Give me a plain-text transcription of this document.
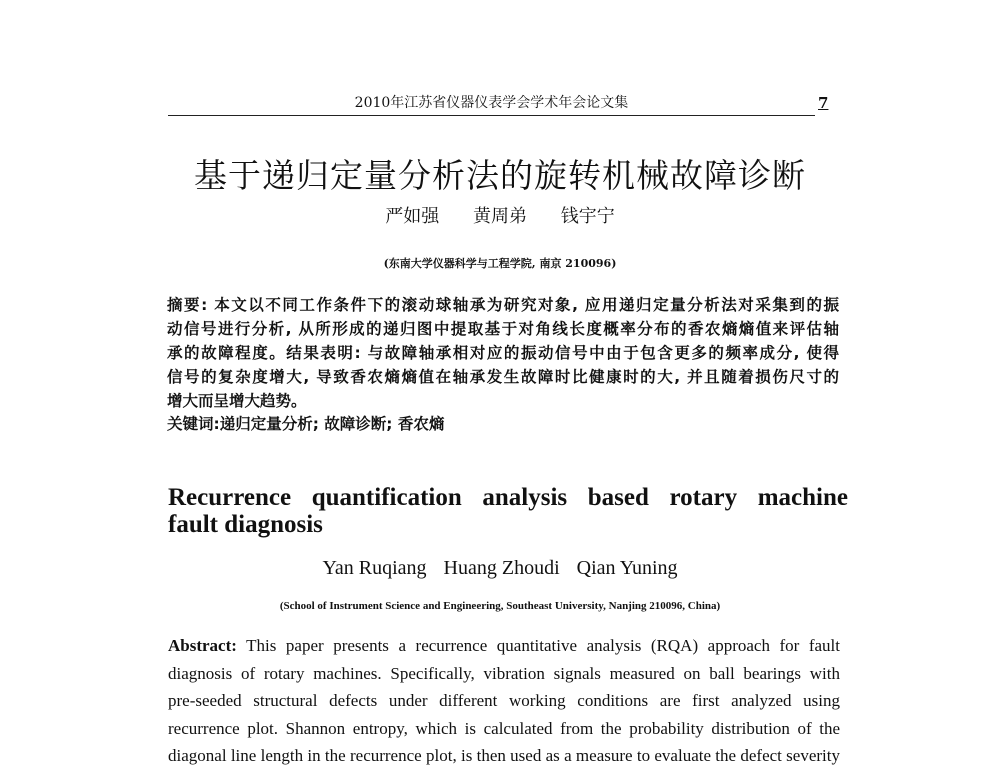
2010年江苏省仪器仪表学会学术年会论文集	7
基于递归定量分析法的旋转机械故障诊断
严如强 黄周弟 钱宇宁
(东南大学仪器科学与工程学院, 南京 210096)
摘要: 本文以不同工作条件下的滚动球轴承为研究对象, 应用递归定量分析法对采集到的振
动信号进行分析, 从所形成的递归图中提取基于对角线长度概率分布的香农熵熵值来评估轴
承的故障程度。结果表明: 与故障轴承相对应的振动信号中由于包含更多的频率成分, 使得
信号的复杂度增大, 导致香农熵熵值在轴承发生故障时比健康时的大, 并且随着损伤尺寸的
增大而呈增大趋势。
关键词:递归定量分析; 故障诊断; 香农熵
Recurrence quantification analysis based rotary machine
fault diagnosis
Yan Ruqiang Huang Zhoudi Qian Yuning
(School of Instrument Science and Engineering, Southeast University, Nanjing 210096, China)
Abstract: This paper presents a recurrence quantitative analysis (RQA) approach for fault
diagnosis of rotary machines. Specifically, vibration signals measured on ball bearings with
pre-seeded structural defects under different working conditions are first analyzed using
recurrence plot. Shannon entropy, which is calculated from the probability distribution of the
diagonal line length in the recurrence plot, is then used as a measure to evaluate the defect severity
